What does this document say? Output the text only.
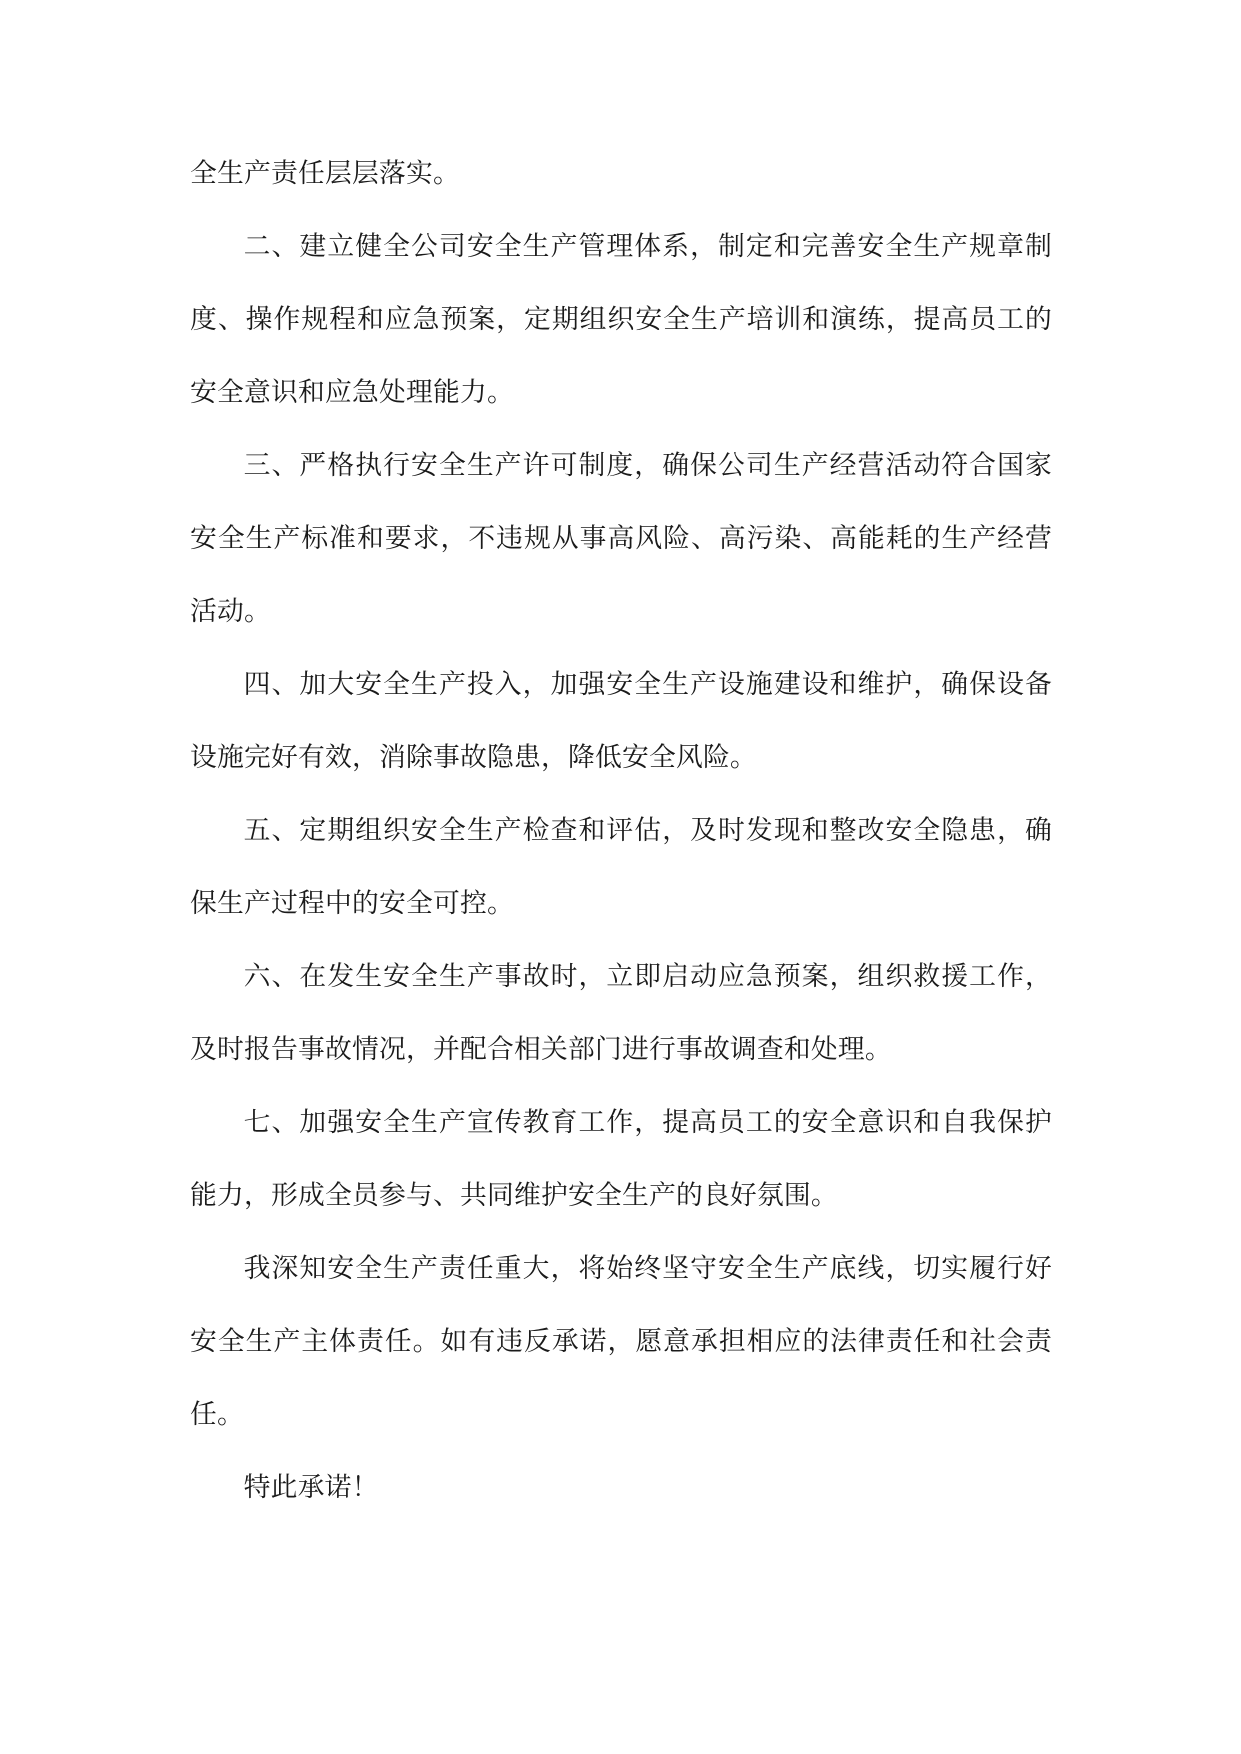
全生产责任层层落实。

二、建立健全公司安全生产管理体系，制定和完善安全生产规章制度、操作规程和应急预案，定期组织安全生产培训和演练，提高员工的安全意识和应急处理能力。

三、严格执行安全生产许可制度，确保公司生产经营活动符合国家安全生产标准和要求，不违规从事高风险、高污染、高能耗的生产经营活动。

四、加大安全生产投入，加强安全生产设施建设和维护，确保设备设施完好有效，消除事故隐患，降低安全风险。

五、定期组织安全生产检查和评估，及时发现和整改安全隐患，确保生产过程中的安全可控。

六、在发生安全生产事故时，立即启动应急预案，组织救援工作，及时报告事故情况，并配合相关部门进行事故调查和处理。

七、加强安全生产宣传教育工作，提高员工的安全意识和自我保护能力，形成全员参与、共同维护安全生产的良好氛围。

我深知安全生产责任重大，将始终坚守安全生产底线，切实履行好安全生产主体责任。如有违反承诺，愿意承担相应的法律责任和社会责任。

特此承诺！
